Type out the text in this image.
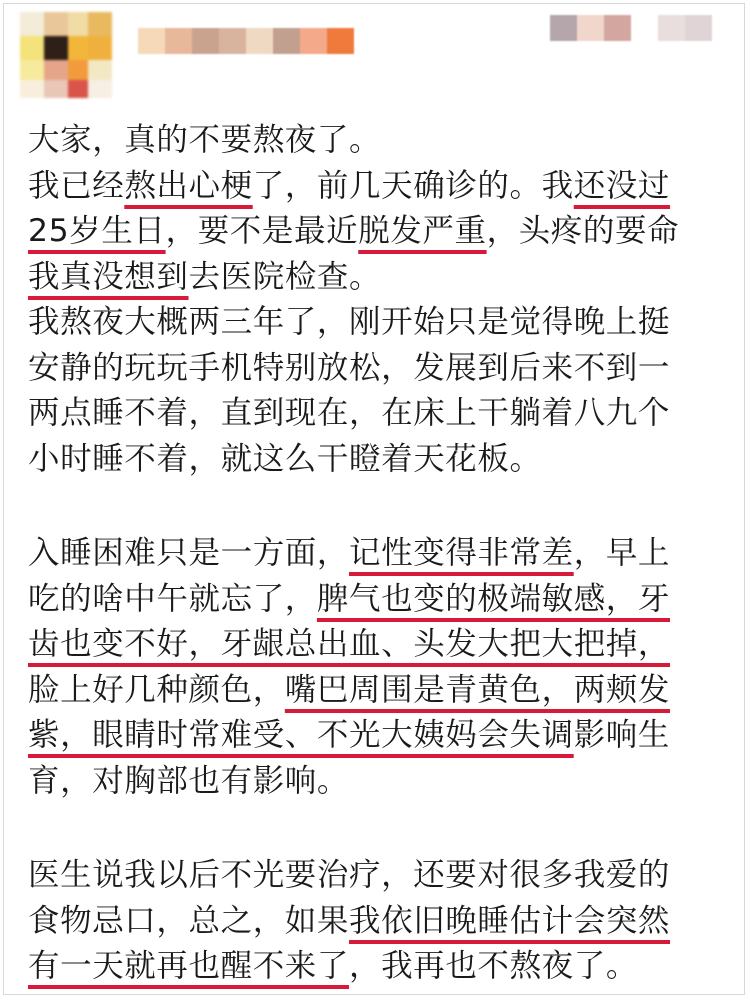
大家，真的不要熬夜了。
我已经熬出心梗了，前几天确诊的。我还没过
25岁生日，要不是最近脱发严重，头疼的要命
我真没想到去医院检查。
我熬夜大概两三年了，刚开始只是觉得晚上挺
安静的玩玩手机特别放松，发展到后来不到一
两点睡不着，直到现在，在床上干躺着八九个
小时睡不着，就这么干瞪着天花板。
入睡困难只是一方面，记性变得非常差，早上
吃的啥中午就忘了，脾气也变的极端敏感，牙
齿也变不好，牙龈总出血、头发大把大把掉，
脸上好几种颜色，嘴巴周围是青黄色，两颊发
紫，眼睛时常难受、不光大姨妈会失调影响生
育，对胸部也有影响。
医生说我以后不光要治疗，还要对很多我爱的
食物忌口，总之，如果我依旧晚睡估计会突然
有一天就再也醒不来了，我再也不熬夜了。
